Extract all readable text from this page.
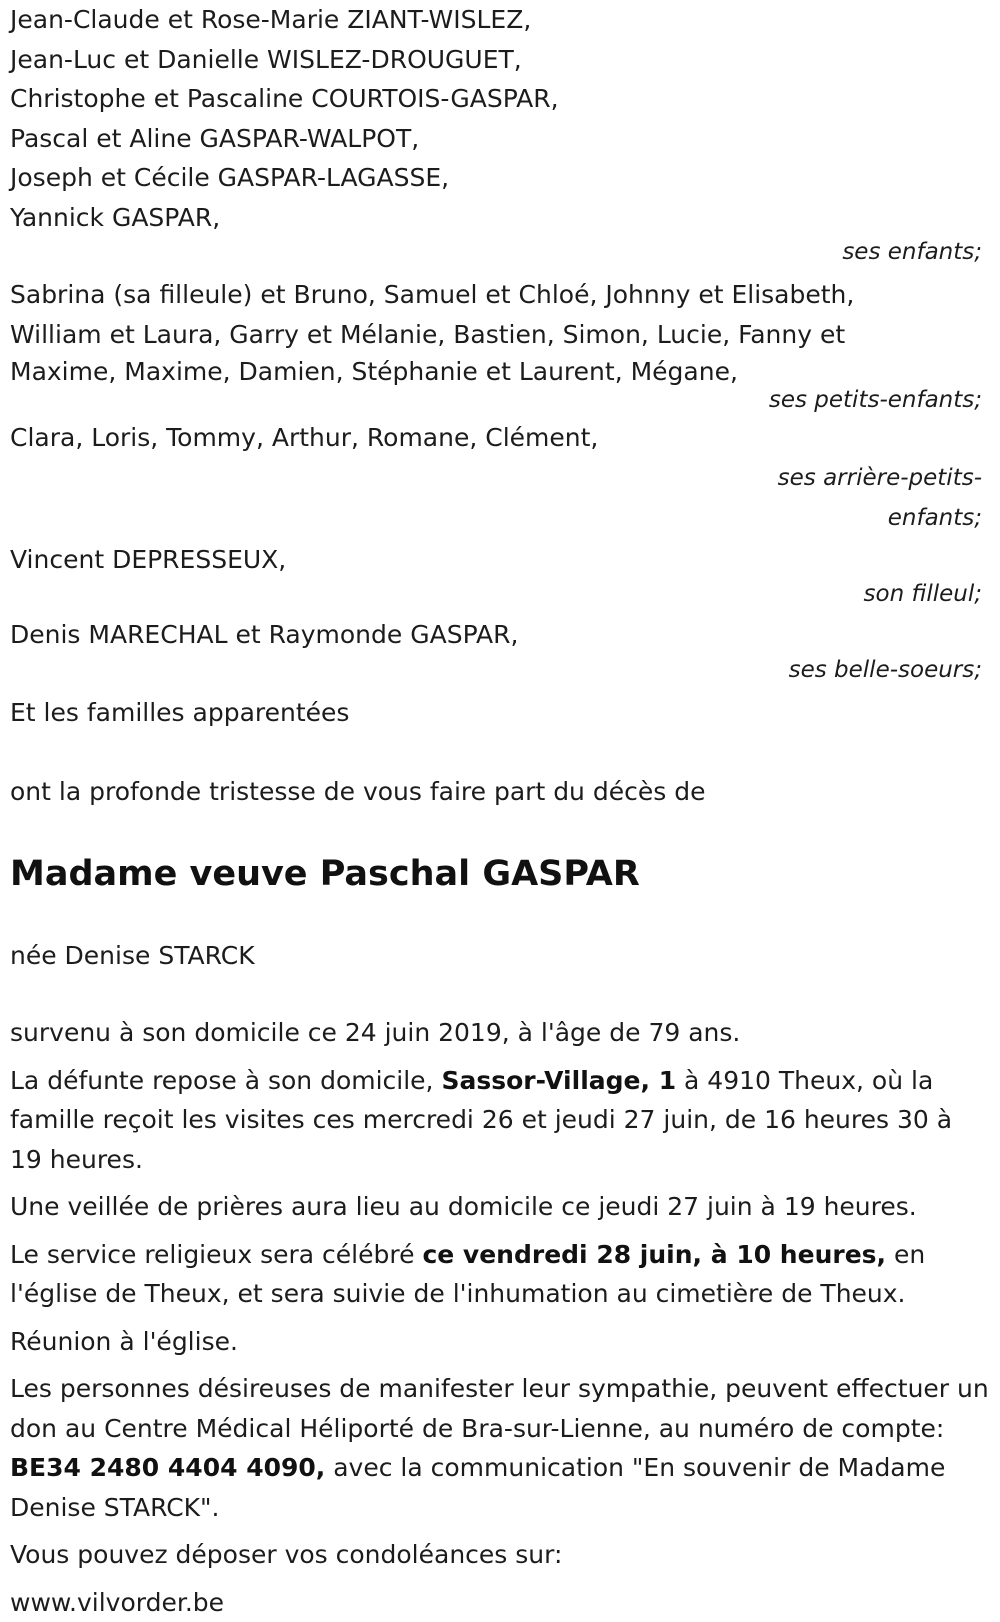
Jean-Claude et Rose-Marie ZIANT-WISLEZ,
Jean-Luc et Danielle WISLEZ-DROUGUET,
Christophe et Pascaline COURTOIS-GASPAR,
Pascal et Aline GASPAR-WALPOT,
Joseph et Cécile GASPAR-LAGASSE,
Yannick GASPAR,
ses enfants;
Sabrina (sa filleule) et Bruno, Samuel et Chloé, Johnny et Elisabeth,
William et Laura, Garry et Mélanie, Bastien, Simon, Lucie, Fanny et
Maxime, Maxime, Damien, Stéphanie et Laurent, Mégane,
ses petits-enfants;
Clara, Loris, Tommy, Arthur, Romane, Clément,
ses arrière-petits-
enfants;
Vincent DEPRESSEUX,
son filleul;
Denis MARECHAL et Raymonde GASPAR,
ses belle-soeurs;
Et les familles apparentées
ont la profonde tristesse de vous faire part du décès de
Madame veuve Paschal GASPAR
née Denise STARCK
survenu à son domicile ce 24 juin 2019, à l'âge de 79 ans.
La défunte repose à son domicile, Sassor-Village, 1 à 4910 Theux, où la famille reçoit les visites ces mercredi 26 et jeudi 27 juin, de 16 heures 30 à 19 heures.
Une veillée de prières aura lieu au domicile ce jeudi 27 juin à 19 heures.
Le service religieux sera célébré ce vendredi 28 juin, à 10 heures, en l'église de Theux, et sera suivie de l'inhumation au cimetière de Theux.
Réunion à l'église.
Les personnes désireuses de manifester leur sympathie, peuvent effectuer un don au Centre Médical Héliporté de Bra-sur-Lienne, au numéro de compte: BE34 2480 4404 4090, avec la communication "En souvenir de Madame Denise STARCK".
Vous pouvez déposer vos condoléances sur:
www.vilvorder.be
